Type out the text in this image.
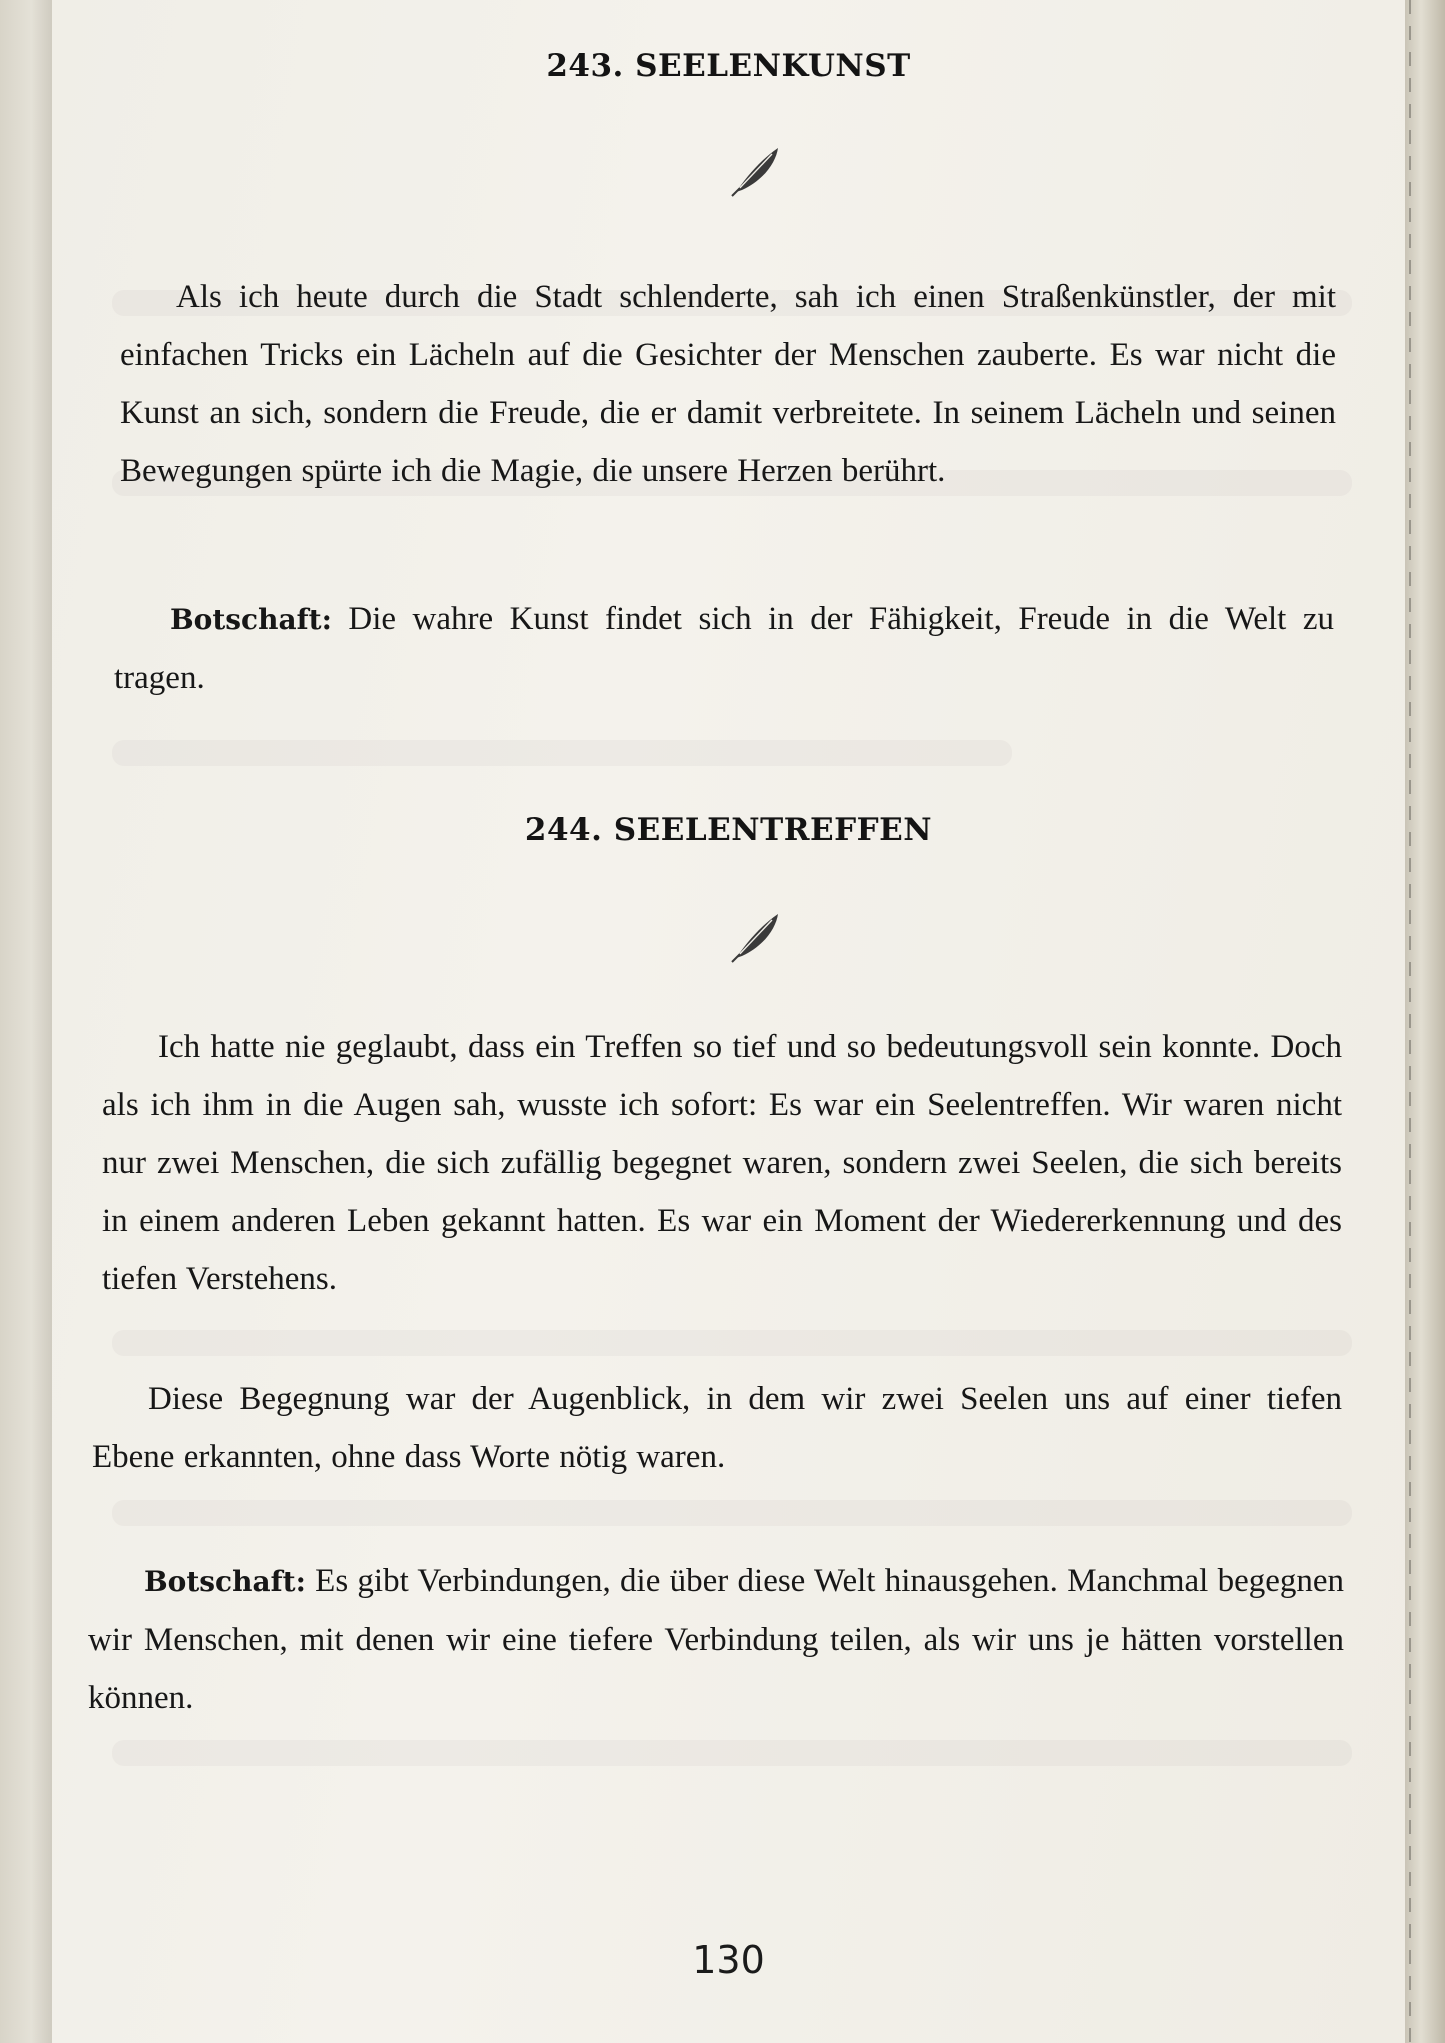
243. SEELENKUNST
Als ich heute durch die Stadt schlenderte, sah ich einen Straßenkünstler, der mit einfachen Tricks ein Lächeln auf die Gesichter der Menschen zauberte. Es war nicht die Kunst an sich, sondern die Freude, die er damit verbreitete. In seinem Lächeln und seinen Bewegungen spürte ich die Magie, die unsere Herzen berührt.
Botschaft: Die wahre Kunst findet sich in der Fähigkeit, Freude in die Welt zu tragen.
244. SEELENTREFFEN
Ich hatte nie geglaubt, dass ein Treffen so tief und so bedeutungsvoll sein konnte. Doch als ich ihm in die Augen sah, wusste ich sofort: Es war ein Seelentreffen. Wir waren nicht nur zwei Menschen, die sich zufällig begegnet waren, sondern zwei Seelen, die sich bereits in einem anderen Leben gekannt hatten. Es war ein Moment der Wiedererkennung und des tiefen Verstehens.
Diese Begegnung war der Augenblick, in dem wir zwei Seelen uns auf einer tiefen Ebene erkannten, ohne dass Worte nötig waren.
Botschaft: Es gibt Verbindungen, die über diese Welt hinausgehen. Manchmal begegnen wir Menschen, mit denen wir eine tiefere Verbindung teilen, als wir uns je hätten vorstellen können.
130
